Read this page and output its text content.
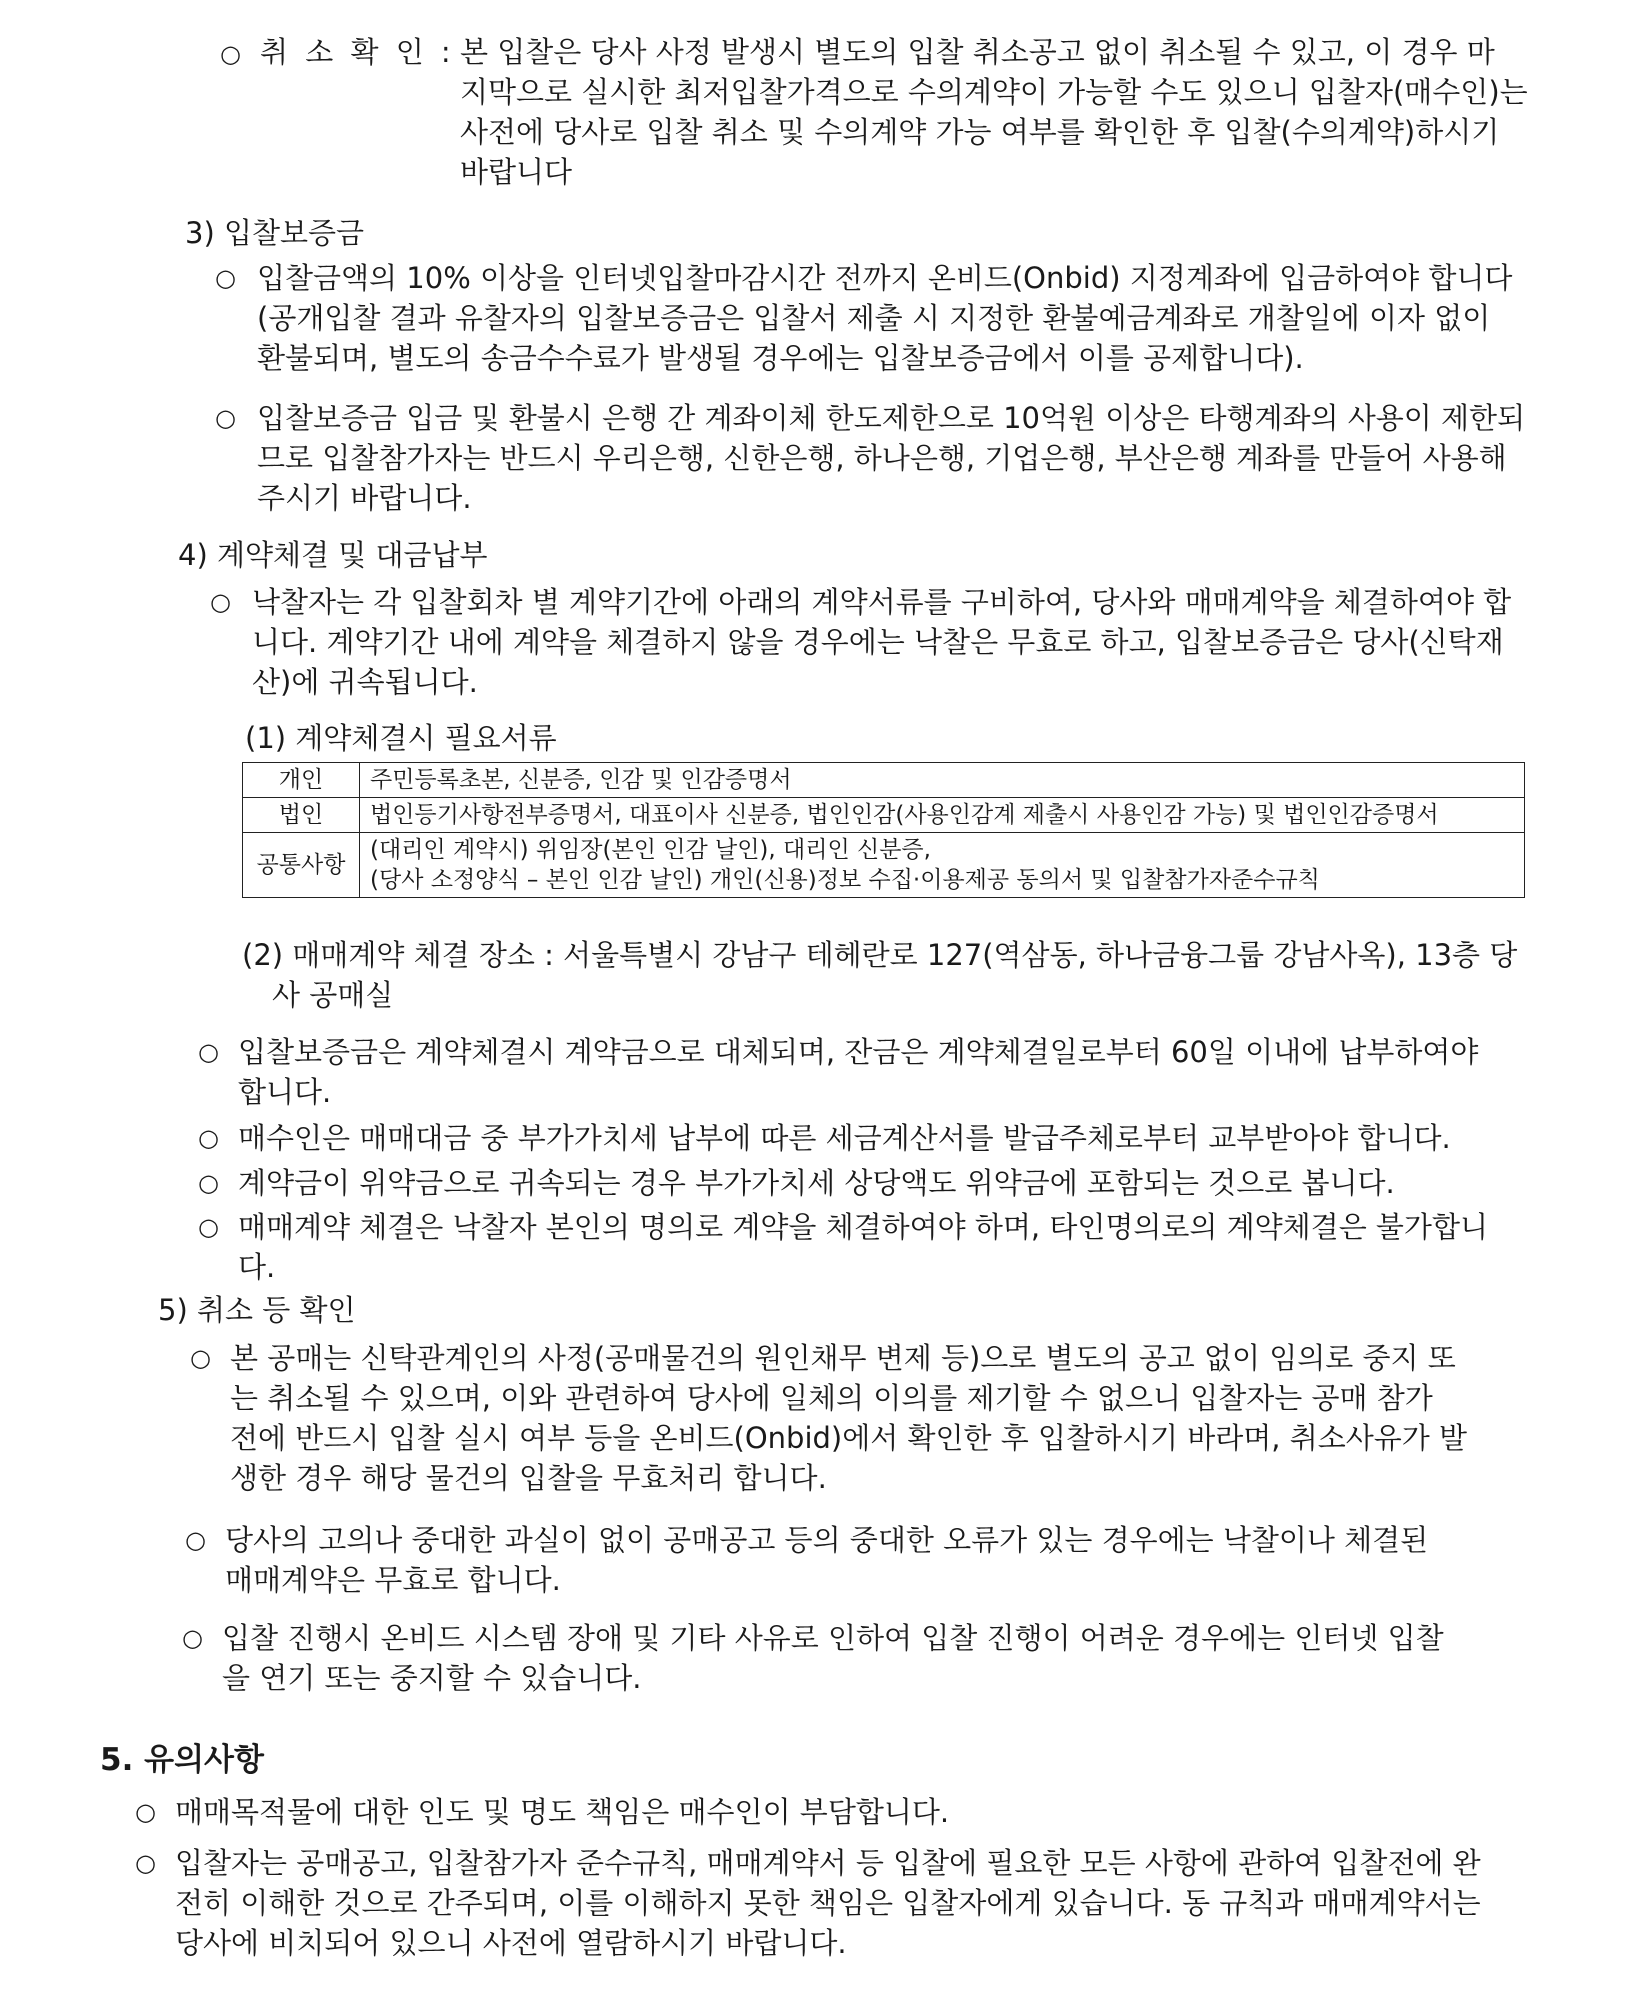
○ 취 소 확 인 : 본 입찰은 당사 사정 발생시 별도의 입찰 취소공고 없이 취소될 수 있고, 이 경우 마
지막으로 실시한 최저입찰가격으로 수의계약이 가능할 수도 있으니 입찰자(매수인)는
사전에 당사로 입찰 취소 및 수의계약 가능 여부를 확인한 후 입찰(수의계약)하시기
바랍니다
3) 입찰보증금
○ 입찰금액의 10% 이상을 인터넷입찰마감시간 전까지 온비드(Onbid) 지정계좌에 입금하여야 합니다
(공개입찰 결과 유찰자의 입찰보증금은 입찰서 제출 시 지정한 환불예금계좌로 개찰일에 이자 없이
환불되며, 별도의 송금수수료가 발생될 경우에는 입찰보증금에서 이를 공제합니다).
○ 입찰보증금 입금 및 환불시 은행 간 계좌이체 한도제한으로 10억원 이상은 타행계좌의 사용이 제한되
므로 입찰참가자는 반드시 우리은행, 신한은행, 하나은행, 기업은행, 부산은행 계좌를 만들어 사용해
주시기 바랍니다.
4) 계약체결 및 대금납부
○ 낙찰자는 각 입찰회차 별 계약기간에 아래의 계약서류를 구비하여, 당사와 매매계약을 체결하여야 합
니다. 계약기간 내에 계약을 체결하지 않을 경우에는 낙찰은 무효로 하고, 입찰보증금은 당사(신탁재
산)에 귀속됩니다.
(1) 계약체결시 필요서류
개인	주민등록초본, 신분증, 인감 및 인감증명서
법인	법인등기사항전부증명서, 대표이사 신분증, 법인인감(사용인감계 제출시 사용인감 가능) 및 법인인감증명서
공통사항	(대리인 계약시) 위임장(본인 인감 날인), 대리인 신분증,
(당사 소정양식 – 본인 인감 날인) 개인(신용)정보 수집·이용제공 동의서 및 입찰참가자준수규칙
(2) 매매계약 체결 장소 : 서울특별시 강남구 테헤란로 127(역삼동, 하나금융그룹 강남사옥), 13층 당
사 공매실
○ 입찰보증금은 계약체결시 계약금으로 대체되며, 잔금은 계약체결일로부터 60일 이내에 납부하여야
합니다.
○ 매수인은 매매대금 중 부가가치세 납부에 따른 세금계산서를 발급주체로부터 교부받아야 합니다.
○ 계약금이 위약금으로 귀속되는 경우 부가가치세 상당액도 위약금에 포함되는 것으로 봅니다.
○ 매매계약 체결은 낙찰자 본인의 명의로 계약을 체결하여야 하며, 타인명의로의 계약체결은 불가합니
다.
5) 취소 등 확인
○ 본 공매는 신탁관계인의 사정(공매물건의 원인채무 변제 등)으로 별도의 공고 없이 임의로 중지 또
는 취소될 수 있으며, 이와 관련하여 당사에 일체의 이의를 제기할 수 없으니 입찰자는 공매 참가
전에 반드시 입찰 실시 여부 등을 온비드(Onbid)에서 확인한 후 입찰하시기 바라며, 취소사유가 발
생한 경우 해당 물건의 입찰을 무효처리 합니다.
○ 당사의 고의나 중대한 과실이 없이 공매공고 등의 중대한 오류가 있는 경우에는 낙찰이나 체결된
매매계약은 무효로 합니다.
○ 입찰 진행시 온비드 시스템 장애 및 기타 사유로 인하여 입찰 진행이 어려운 경우에는 인터넷 입찰
을 연기 또는 중지할 수 있습니다.
5. 유의사항
○ 매매목적물에 대한 인도 및 명도 책임은 매수인이 부담합니다.
○ 입찰자는 공매공고, 입찰참가자 준수규칙, 매매계약서 등 입찰에 필요한 모든 사항에 관하여 입찰전에 완
전히 이해한 것으로 간주되며, 이를 이해하지 못한 책임은 입찰자에게 있습니다. 동 규칙과 매매계약서는
당사에 비치되어 있으니 사전에 열람하시기 바랍니다.
